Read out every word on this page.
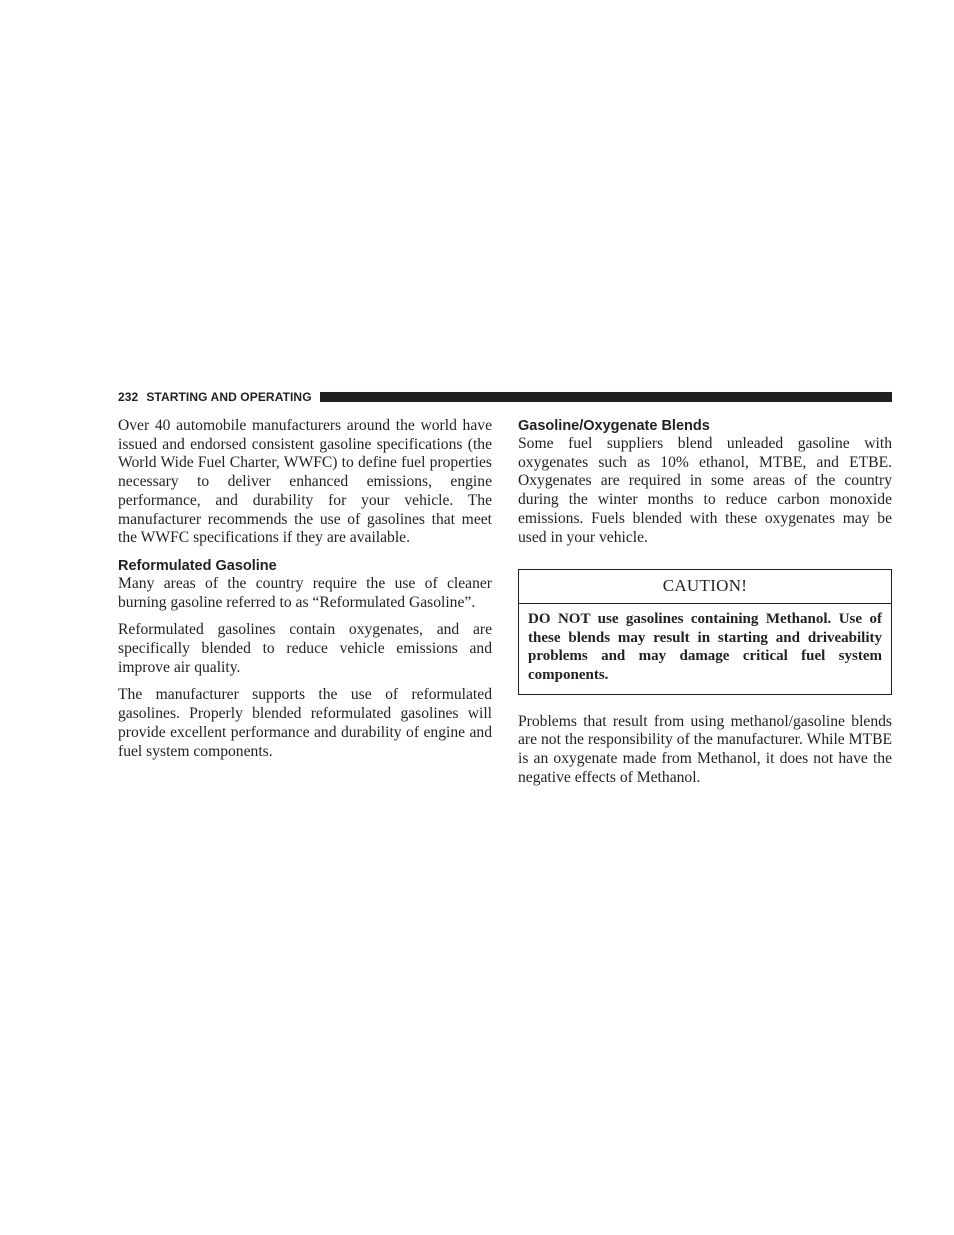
232 STARTING AND OPERATING

Over 40 automobile manufacturers around the world have issued and endorsed consistent gasoline specifications (the World Wide Fuel Charter, WWFC) to define fuel properties necessary to deliver enhanced emissions, engine performance, and durability for your vehicle. The manufacturer recommends the use of gasolines that meet the WWFC specifications if they are available.

Reformulated Gasoline

Many areas of the country require the use of cleaner burning gasoline referred to as “Reformulated Gasoline”.

Reformulated gasolines contain oxygenates, and are specifically blended to reduce vehicle emissions and improve air quality.

The manufacturer supports the use of reformulated gasolines. Properly blended reformulated gasolines will provide excellent performance and durability of engine and fuel system components.

Gasoline/Oxygenate Blends

Some fuel suppliers blend unleaded gasoline with oxygenates such as 10% ethanol, MTBE, and ETBE. Oxygenates are required in some areas of the country during the winter months to reduce carbon monoxide emissions. Fuels blended with these oxygenates may be used in your vehicle.

CAUTION!
DO NOT use gasolines containing Methanol. Use of these blends may result in starting and driveability problems and may damage critical fuel system components.

Problems that result from using methanol/gasoline blends are not the responsibility of the manufacturer. While MTBE is an oxygenate made from Methanol, it does not have the negative effects of Methanol.
